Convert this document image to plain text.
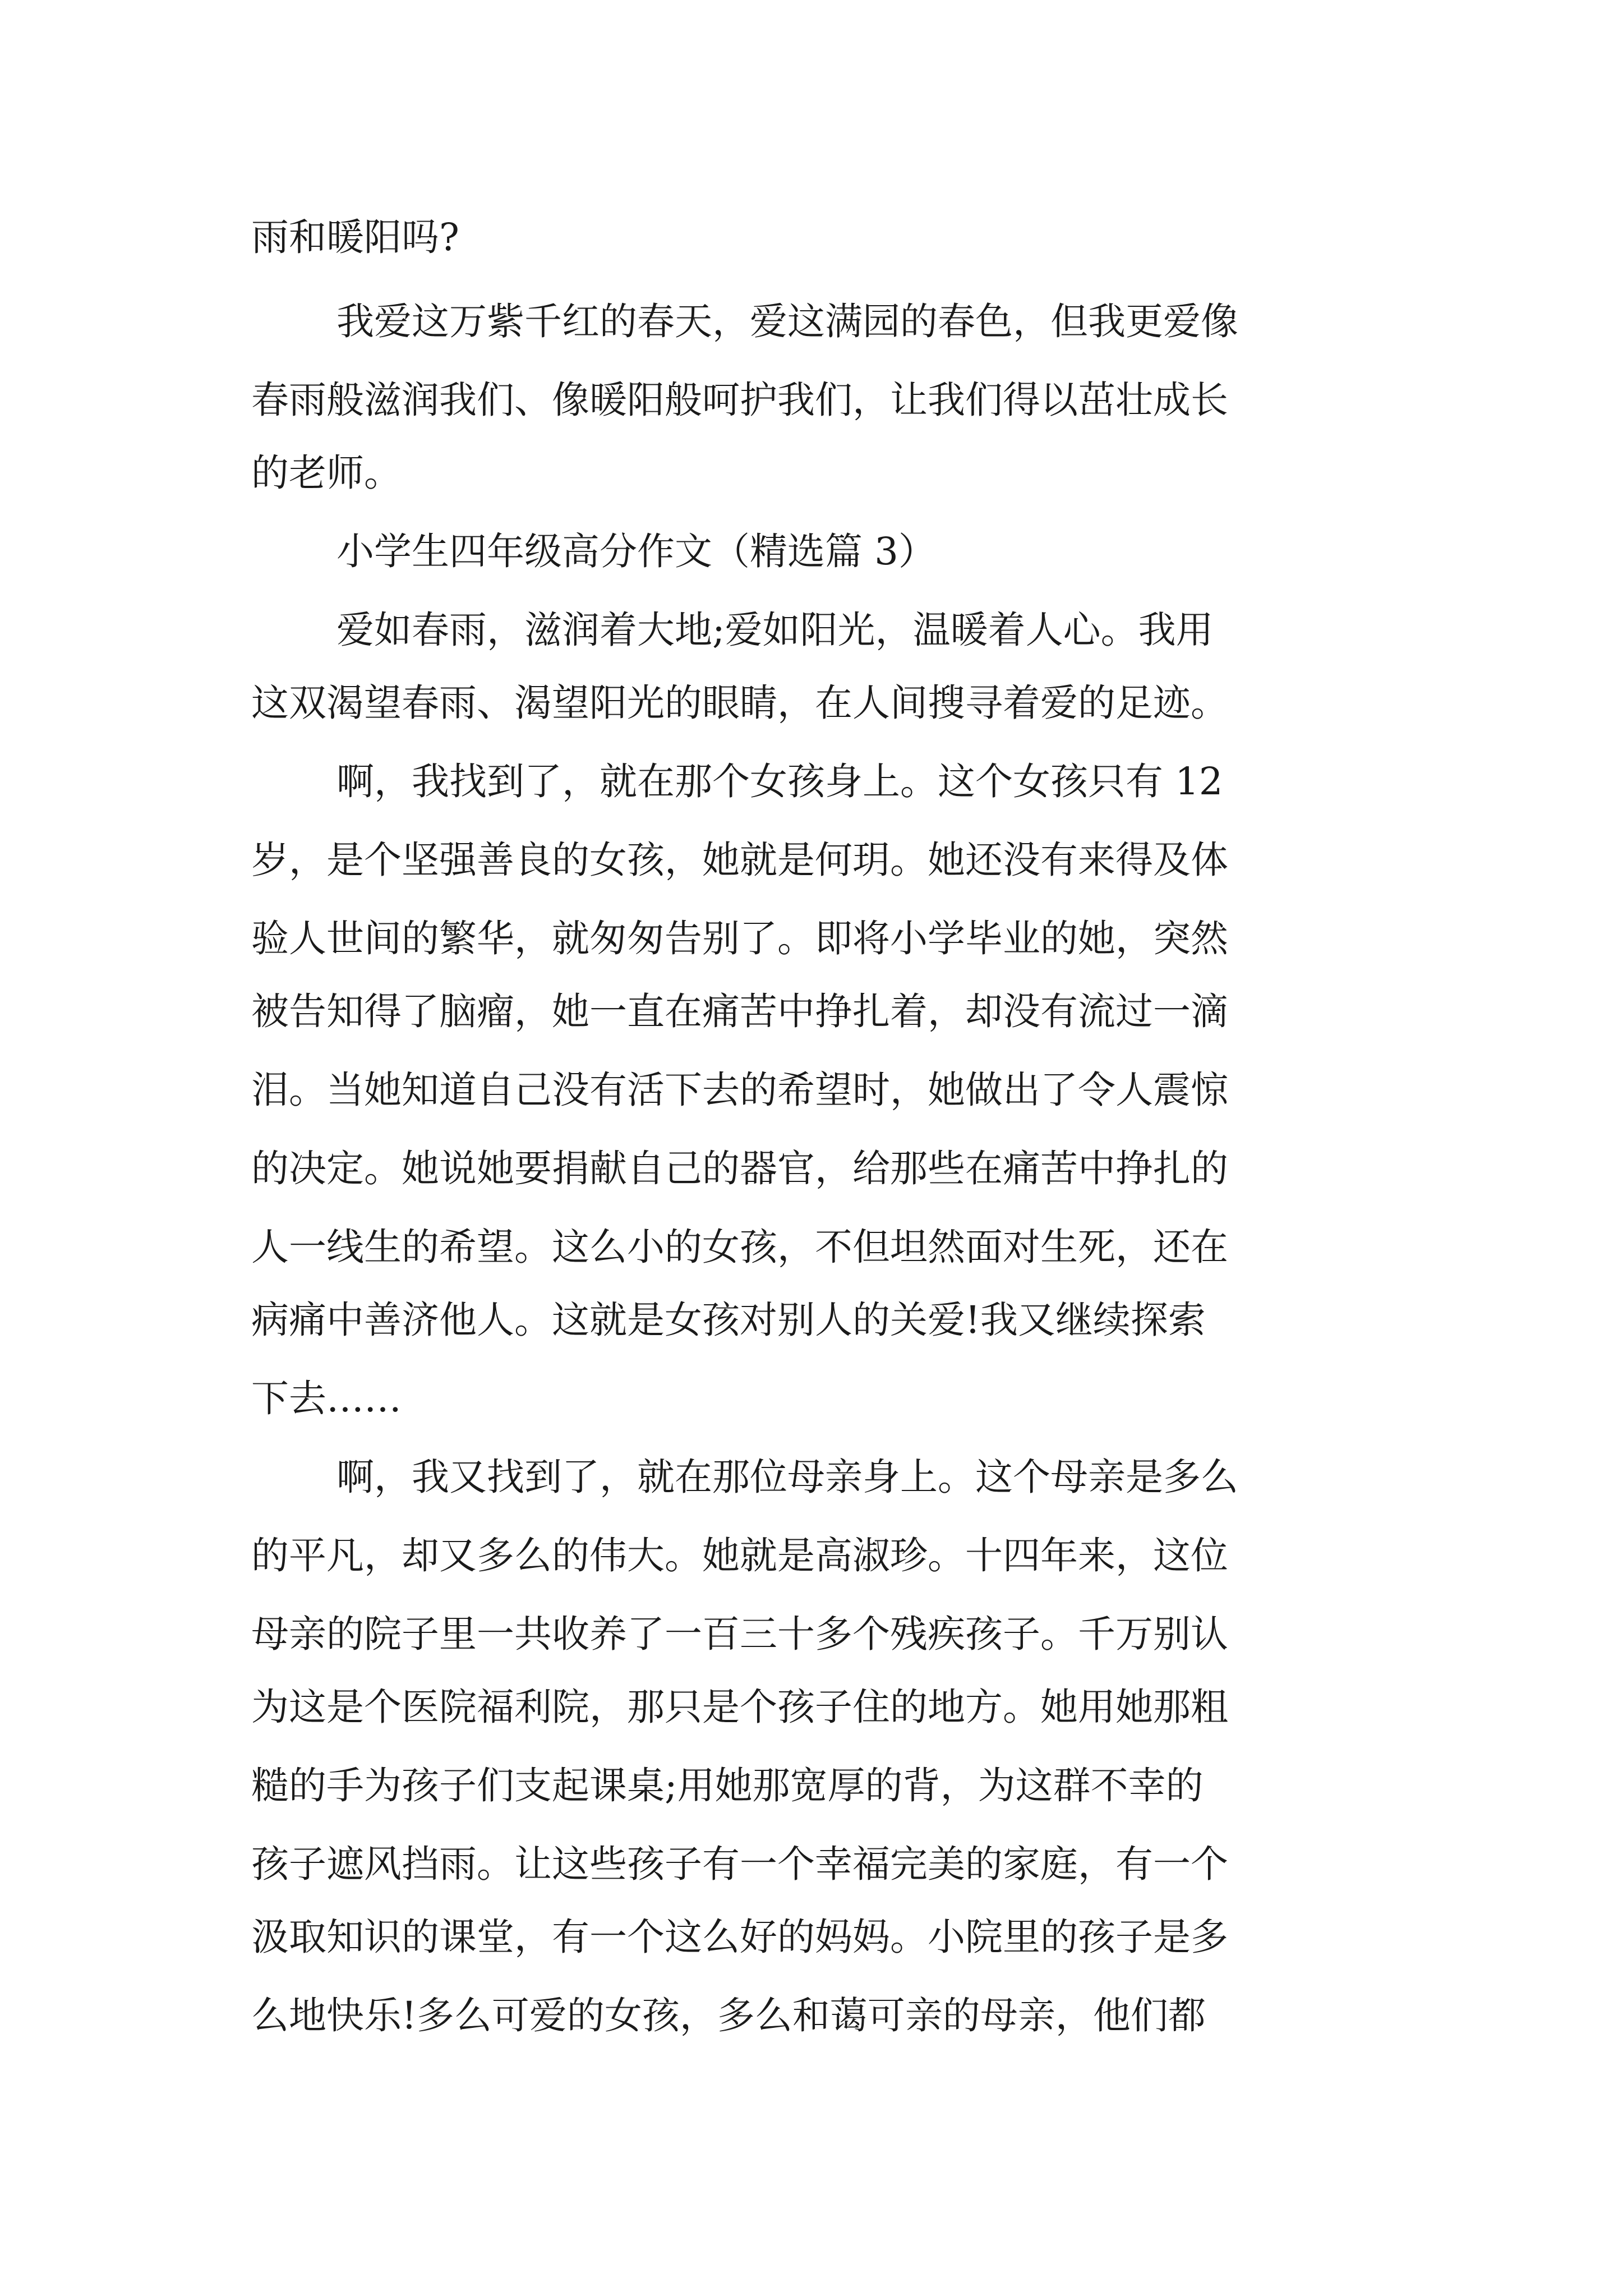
雨和暖阳吗?

我爱这万紫千红的春天，爱这满园的春色，但我更爱像

春雨般滋润我们、像暖阳般呵护我们，让我们得以茁壮成长

的老师。

小学生四年级高分作文（精选篇 3）

爱如春雨，滋润着大地;爱如阳光，温暖着人心。我用

这双渴望春雨、渴望阳光的眼睛，在人间搜寻着爱的足迹。

啊，我找到了，就在那个女孩身上。这个女孩只有 12

岁，是个坚强善良的女孩，她就是何玥。她还没有来得及体

验人世间的繁华，就匆匆告别了。即将小学毕业的她，突然

被告知得了脑瘤，她一直在痛苦中挣扎着，却没有流过一滴

泪。当她知道自己没有活下去的希望时，她做出了令人震惊

的决定。她说她要捐献自己的器官，给那些在痛苦中挣扎的

人一线生的希望。这么小的女孩，不但坦然面对生死，还在

病痛中善济他人。这就是女孩对别人的关爱!我又继续探索

下去……

啊，我又找到了，就在那位母亲身上。这个母亲是多么

的平凡，却又多么的伟大。她就是高淑珍。十四年来，这位

母亲的院子里一共收养了一百三十多个残疾孩子。千万别认

为这是个医院福利院，那只是个孩子住的地方。她用她那粗

糙的手为孩子们支起课桌;用她那宽厚的背，为这群不幸的

孩子遮风挡雨。让这些孩子有一个幸福完美的家庭，有一个

汲取知识的课堂，有一个这么好的妈妈。小院里的孩子是多

么地快乐!多么可爱的女孩，多么和蔼可亲的母亲，他们都
